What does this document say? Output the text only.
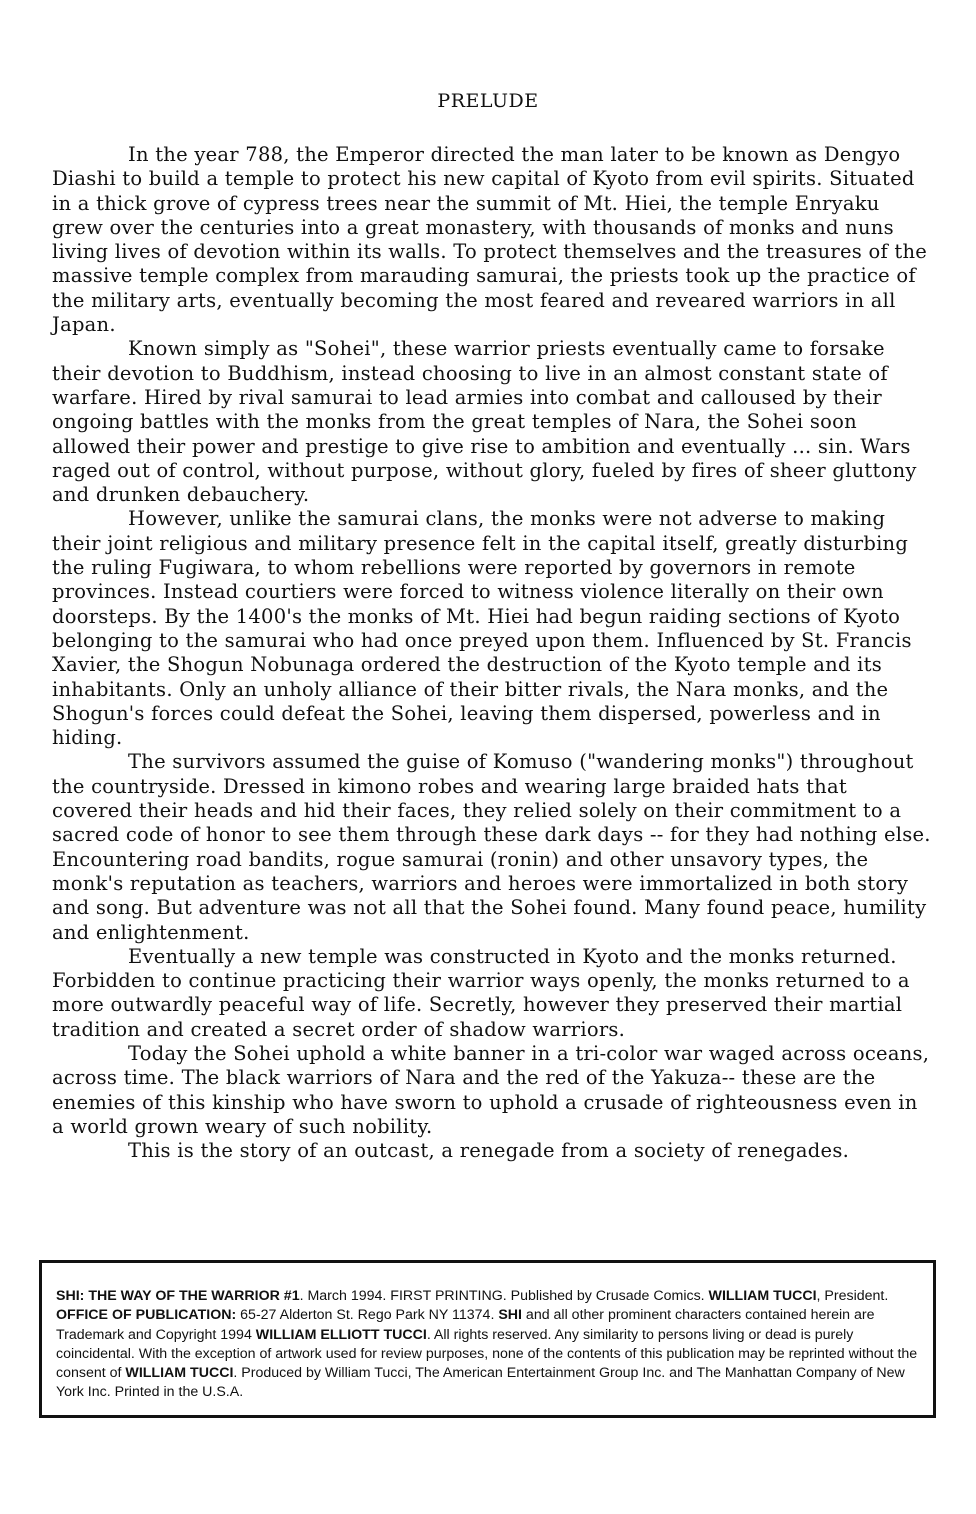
PRELUDE

In the year 788, the Emperor directed the man later to be known as Dengyo Diashi to build a temple to protect his new capital of Kyoto from evil spirits. Situated in a thick grove of cypress trees near the summit of Mt. Hiei, the temple Enryaku grew over the centuries into a great monastery, with thousands of monks and nuns living lives of devotion within its walls. To protect themselves and the treasures of the massive temple complex from marauding samurai, the priests took up the practice of the military arts, eventually becoming the most feared and reveared warriors in all Japan.

Known simply as "Sohei", these warrior priests eventually came to forsake their devotion to Buddhism, instead choosing to live in an almost constant state of warfare. Hired by rival samurai to lead armies into combat and calloused by their ongoing battles with the monks from the great temples of Nara, the Sohei soon allowed their power and prestige to give rise to ambition and eventually ... sin. Wars raged out of control, without purpose, without glory, fueled by fires of sheer gluttony and drunken debauchery.

However, unlike the samurai clans, the monks were not adverse to making their joint religious and military presence felt in the capital itself, greatly disturbing the ruling Fugiwara, to whom rebellions were reported by governors in remote provinces. Instead courtiers were forced to witness violence literally on their own doorsteps. By the 1400's the monks of Mt. Hiei had begun raiding sections of Kyoto belonging to the samurai who had once preyed upon them. Influenced by St. Francis Xavier, the Shogun Nobunaga ordered the destruction of the Kyoto temple and its inhabitants. Only an unholy alliance of their bitter rivals, the Nara monks, and the Shogun's forces could defeat the Sohei, leaving them dispersed, powerless and in hiding.

The survivors assumed the guise of Komuso ("wandering monks") throughout the countryside. Dressed in kimono robes and wearing large braided hats that covered their heads and hid their faces, they relied solely on their commitment to a sacred code of honor to see them through these dark days -- for they had nothing else. Encountering road bandits, rogue samurai (ronin) and other unsavory types, the monk's reputation as teachers, warriors and heroes were immortalized in both story and song. But adventure was not all that the Sohei found. Many found peace, humility and enlightenment.

Eventually a new temple was constructed in Kyoto and the monks returned. Forbidden to continue practicing their warrior ways openly, the monks returned to a more outwardly peaceful way of life. Secretly, however they preserved their martial tradition and created a secret order of shadow warriors.

Today the Sohei uphold a white banner in a tri-color war waged across oceans, across time. The black warriors of Nara and the red of the Yakuza-- these are the enemies of this kinship who have sworn to uphold a crusade of righteousness even in a world grown weary of such nobility.

This is the story of an outcast, a renegade from a society of renegades.

SHI: THE WAY OF THE WARRIOR #1. March 1994. FIRST PRINTING. Published by Crusade Comics. WILLIAM TUCCI, President. OFFICE OF PUBLICATION: 65-27 Alderton St. Rego Park NY 11374. SHI and all other prominent characters contained herein are Trademark and Copyright 1994 WILLIAM ELLIOTT TUCCI. All rights reserved. Any similarity to persons living or dead is purely coincidental. With the exception of artwork used for review purposes, none of the contents of this publication may be reprinted without the consent of WILLIAM TUCCI. Produced by William Tucci, The American Entertainment Group Inc. and The Manhattan Company of New York Inc. Printed in the U.S.A.
